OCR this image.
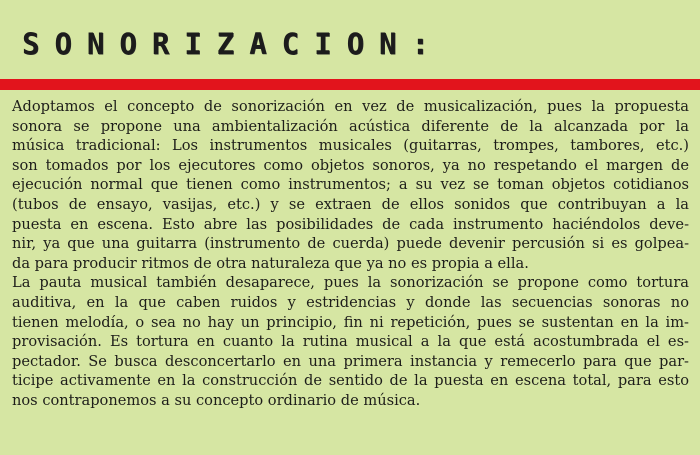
SONORIZACION:

Adoptamos el concepto de sonorización en vez de musicalización, pues la propuesta
sonora se propone una ambientalización acústica diferente de la alcanzada por la
música tradicional: Los instrumentos musicales (guitarras, trompes, tambores, etc.)
son tomados por los ejecutores como objetos sonoros, ya no respetando el margen de
ejecución normal que tienen como instrumentos; a su vez se toman objetos cotidianos
(tubos de ensayo, vasijas, etc.) y se extraen de ellos sonidos que contribuyan a la
puesta en escena. Esto abre las posibilidades de cada instrumento haciéndolos deve-
nir, ya que una guitarra (instrumento de cuerda) puede devenir percusión si es golpea-
da para producir ritmos de otra naturaleza que ya no es propia a ella.

La pauta musical también desaparece, pues la sonorización se propone como tortura
auditiva, en la que caben ruidos y estridencias y donde las secuencias sonoras no
tienen melodía, o sea no hay un principio, fin ni repetición, pues se sustentan en la im-
provisación. Es tortura en cuanto la rutina musical a la que está acostumbrada el es-
pectador. Se busca desconcertarlo en una primera instancia y remecerlo para que par-
ticipe activamente en la construcción de sentido de la puesta en escena total, para esto
nos contraponemos a su concepto ordinario de música.
